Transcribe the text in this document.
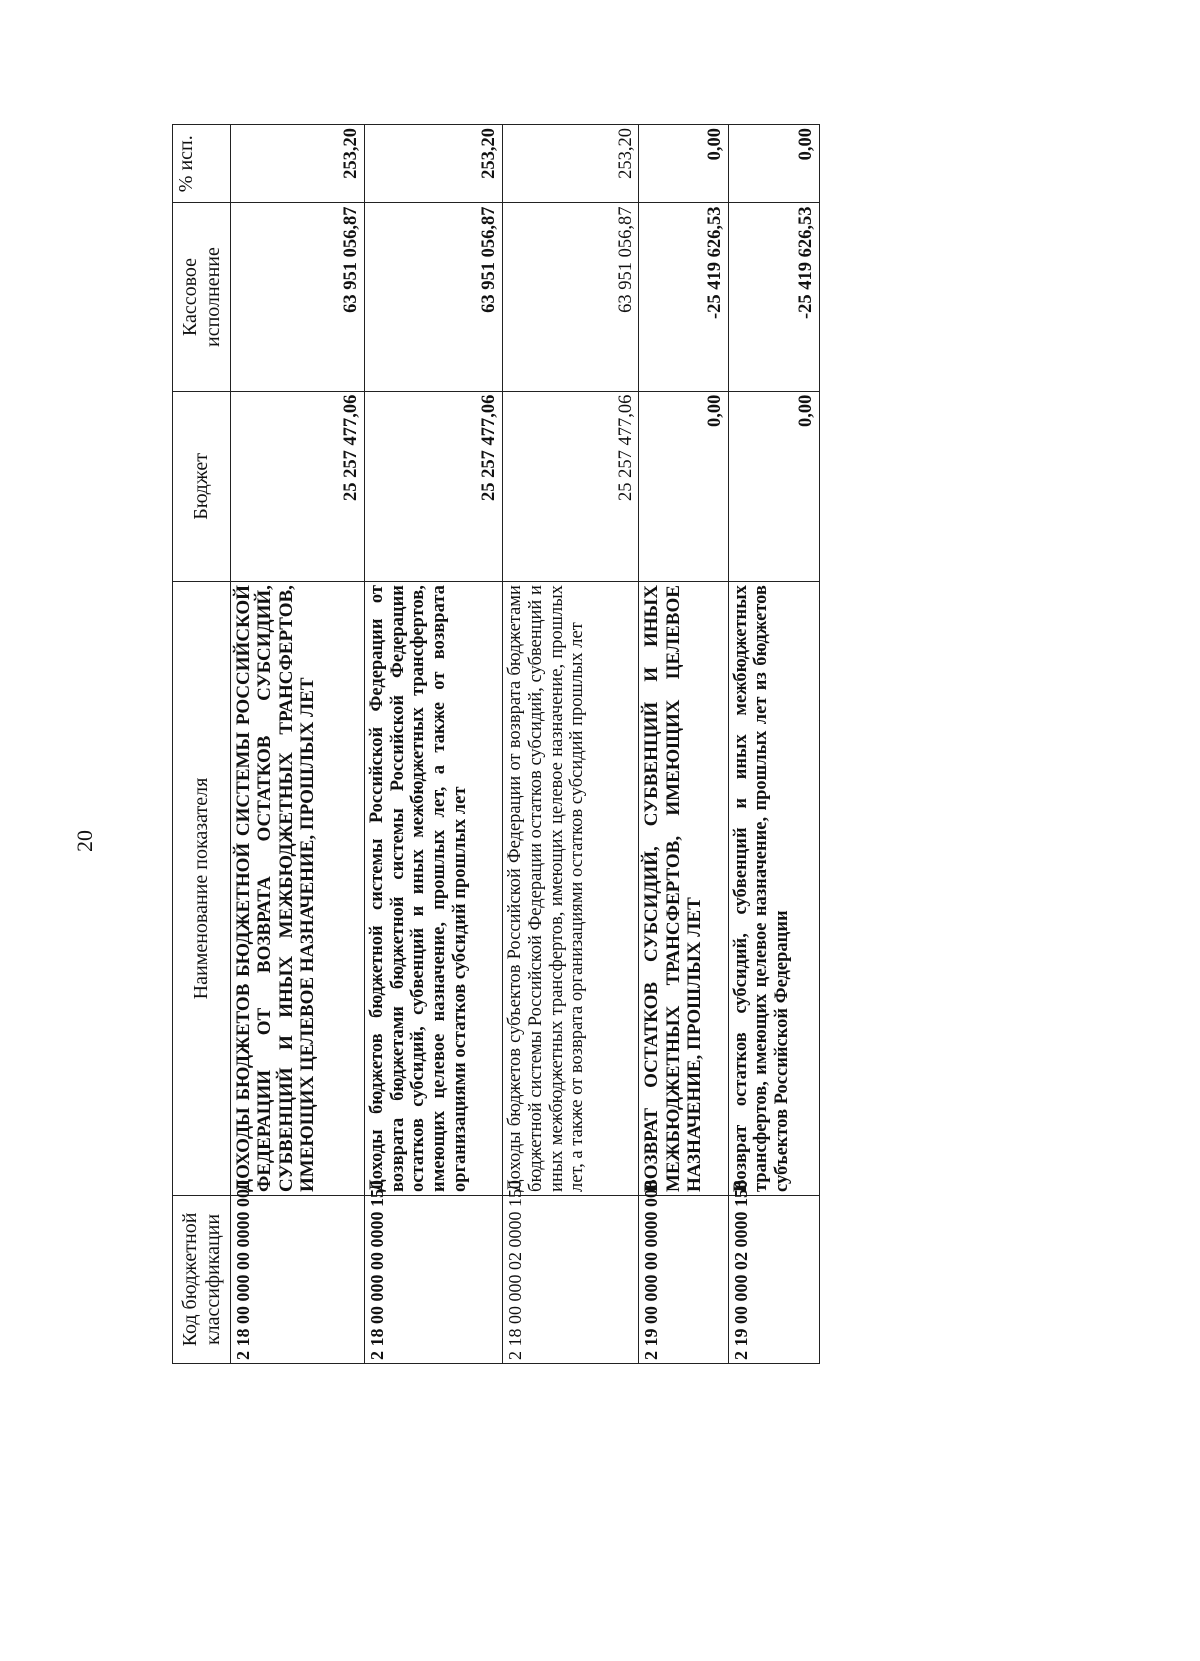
20
Код бюджетной классификации	Наименование показателя	Бюджет	Кассовое исполнение	% исп.
2 18 00 000 00 0000 000	ДОХОДЫ БЮДЖЕТОВ БЮДЖЕТНОЙ СИСТЕМЫ РОССИЙСКОЙ ФЕДЕРАЦИИ ОТ ВОЗВРАТА ОСТАТКОВ СУБСИДИЙ, СУБВЕНЦИЙ И ИНЫХ МЕЖБЮДЖЕТНЫХ ТРАНСФЕРТОВ, ИМЕЮЩИХ ЦЕЛЕВОЕ НАЗНАЧЕНИЕ, ПРОШЛЫХ ЛЕТ	25 257 477,06	63 951 056,87	253,20
2 18 00 000 00 0000 150	Доходы бюджетов бюджетной системы Российской Федерации от возврата бюджетами бюджетной системы Российской Федерации остатков субсидий, субвенций и иных межбюджетных трансфертов, имеющих целевое назначение, прошлых лет, а также от возврата организациями остатков субсидий прошлых лет	25 257 477,06	63 951 056,87	253,20
2 18 00 000 02 0000 150	Доходы бюджетов субъектов Российской Федерации от возврата бюджетами бюджетной системы Российской Федерации остатков субсидий, субвенций и иных межбюджетных трансфертов, имеющих целевое назначение, прошлых лет, а также от возврата организациями остатков субсидий прошлых лет	25 257 477,06	63 951 056,87	253,20
2 19 00 000 00 0000 000	ВОЗВРАТ ОСТАТКОВ СУБСИДИЙ, СУБВЕНЦИЙ И ИНЫХ МЕЖБЮДЖЕТНЫХ ТРАНСФЕРТОВ, ИМЕЮЩИХ ЦЕЛЕВОЕ НАЗНАЧЕНИЕ, ПРОШЛЫХ ЛЕТ	0,00	-25 419 626,53	0,00
2 19 00 000 02 0000 150	Возврат остатков субсидий, субвенций и иных межбюджетных трансфертов, имеющих целевое назначение, прошлых лет из бюджетов субъектов Российской Федерации	0,00	-25 419 626,53	0,00
